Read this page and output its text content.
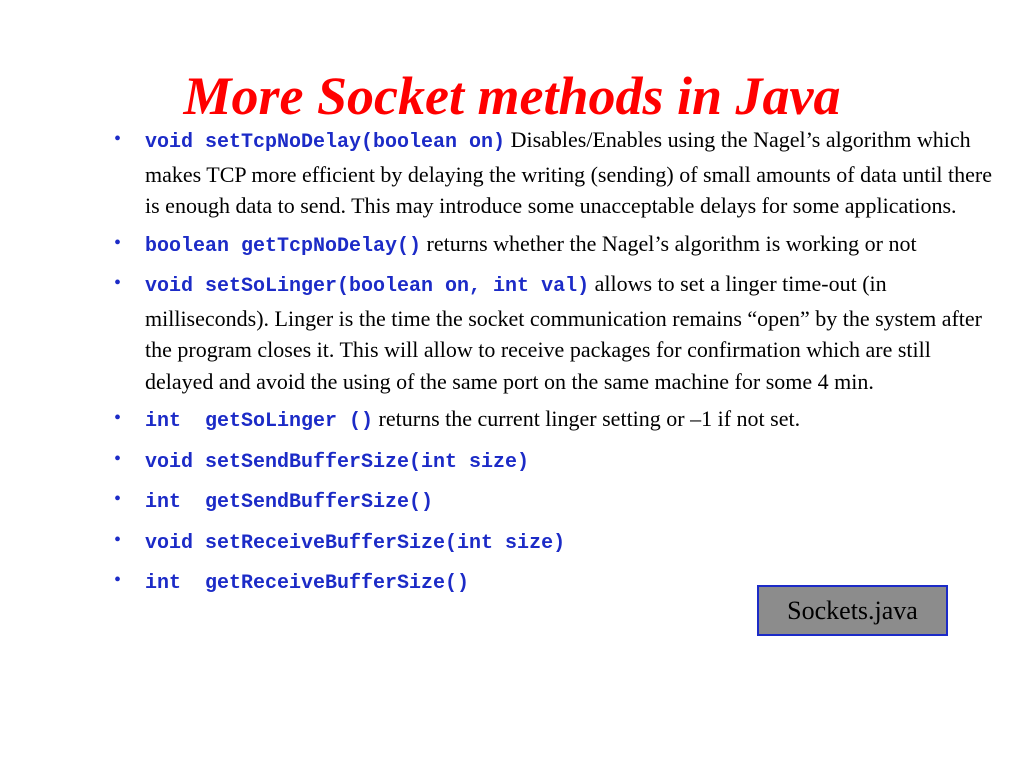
More Socket methods in Java
• void setTcpNoDelay(boolean on) Disables/Enables using the Nagel’s algorithm which makes TCP more efficient by delaying the writing (sending) of small amounts of data until there is enough data to send. This may introduce some unacceptable delays for some applications.
• boolean getTcpNoDelay() returns whether the Nagel’s algorithm is working or not
• void setSoLinger(boolean on, int val) allows to set a linger time-out (in milliseconds). Linger is the time the socket communication remains “open” by the system after the program closes it. This will allow to receive packages for confirmation which are still delayed and avoid the using of the same port on the same machine for some 4 min.
• int  getSoLinger () returns the current linger setting or –1 if not set.
• void setSendBufferSize(int size)
• int  getSendBufferSize()
• void setReceiveBufferSize(int size)
• int  getReceiveBufferSize()
Sockets.java
